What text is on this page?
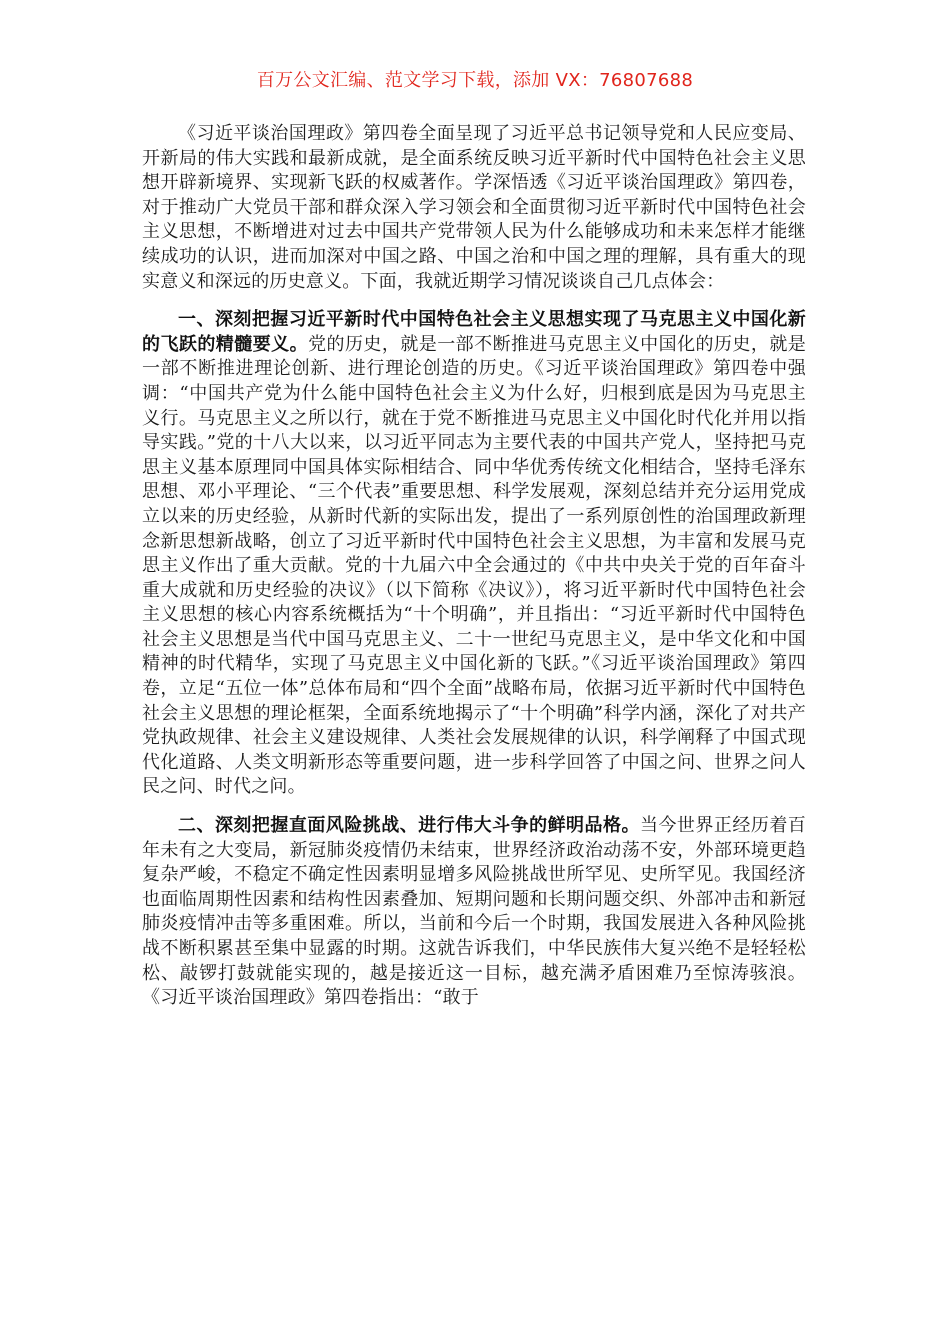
百万公文汇编、范文学习下载，添加 VX：76807688

《习近平谈治国理政》第四卷全面呈现了习近平总书记领导党和人民应变局、开新局的伟大实践和最新成就，是全面系统反映习近平新时代中国特色社会主义思想开辟新境界、实现新飞跃的权威著作。学深悟透《习近平谈治国理政》第四卷，对于推动广大党员干部和群众深入学习领会和全面贯彻习近平新时代中国特色社会主义思想，不断增进对过去中国共产党带领人民为什么能够成功和未来怎样才能继续成功的认识，进而加深对中国之路、中国之治和中国之理的理解，具有重大的现实意义和深远的历史意义。下面，我就近期学习情况谈谈自己几点体会：

一、深刻把握习近平新时代中国特色社会主义思想实现了马克思主义中国化新的飞跃的精髓要义。党的历史，就是一部不断推进马克思主义中国化的历史，就是一部不断推进理论创新、进行理论创造的历史。《习近平谈治国理政》第四卷中强调：“中国共产党为什么能中国特色社会主义为什么好，归根到底是因为马克思主义行。马克思主义之所以行，就在于党不断推进马克思主义中国化时代化并用以指导实践。”党的十八大以来，以习近平同志为主要代表的中国共产党人，坚持把马克思主义基本原理同中国具体实际相结合、同中华优秀传统文化相结合，坚持毛泽东思想、邓小平理论、“三个代表”重要思想、科学发展观，深刻总结并充分运用党成立以来的历史经验，从新时代新的实际出发，提出了一系列原创性的治国理政新理念新思想新战略，创立了习近平新时代中国特色社会主义思想，为丰富和发展马克思主义作出了重大贡献。党的十九届六中全会通过的《中共中央关于党的百年奋斗重大成就和历史经验的决议》（以下简称《决议》），将习近平新时代中国特色社会主义思想的核心内容系统概括为“十个明确”，并且指出：“习近平新时代中国特色社会主义思想是当代中国马克思主义、二十一世纪马克思主义，是中华文化和中国精神的时代精华，实现了马克思主义中国化新的飞跃。”《习近平谈治国理政》第四卷，立足“五位一体”总体布局和“四个全面”战略布局，依据习近平新时代中国特色社会主义思想的理论框架，全面系统地揭示了“十个明确”科学内涵，深化了对共产党执政规律、社会主义建设规律、人类社会发展规律的认识，科学阐释了中国式现代化道路、人类文明新形态等重要问题，进一步科学回答了中国之问、世界之问人民之问、时代之问。

二、深刻把握直面风险挑战、进行伟大斗争的鲜明品格。当今世界正经历着百年未有之大变局，新冠肺炎疫情仍未结束，世界经济政治动荡不安，外部环境更趋复杂严峻，不稳定不确定性因素明显增多风险挑战世所罕见、史所罕见。我国经济也面临周期性因素和结构性因素叠加、短期问题和长期问题交织、外部冲击和新冠肺炎疫情冲击等多重困难。所以，当前和今后一个时期，我国发展进入各种风险挑战不断积累甚至集中显露的时期。这就告诉我们，中华民族伟大复兴绝不是轻轻松松、敲锣打鼓就能实现的，越是接近这一目标，越充满矛盾困难乃至惊涛骇浪。《习近平谈治国理政》第四卷指出：“敢于
